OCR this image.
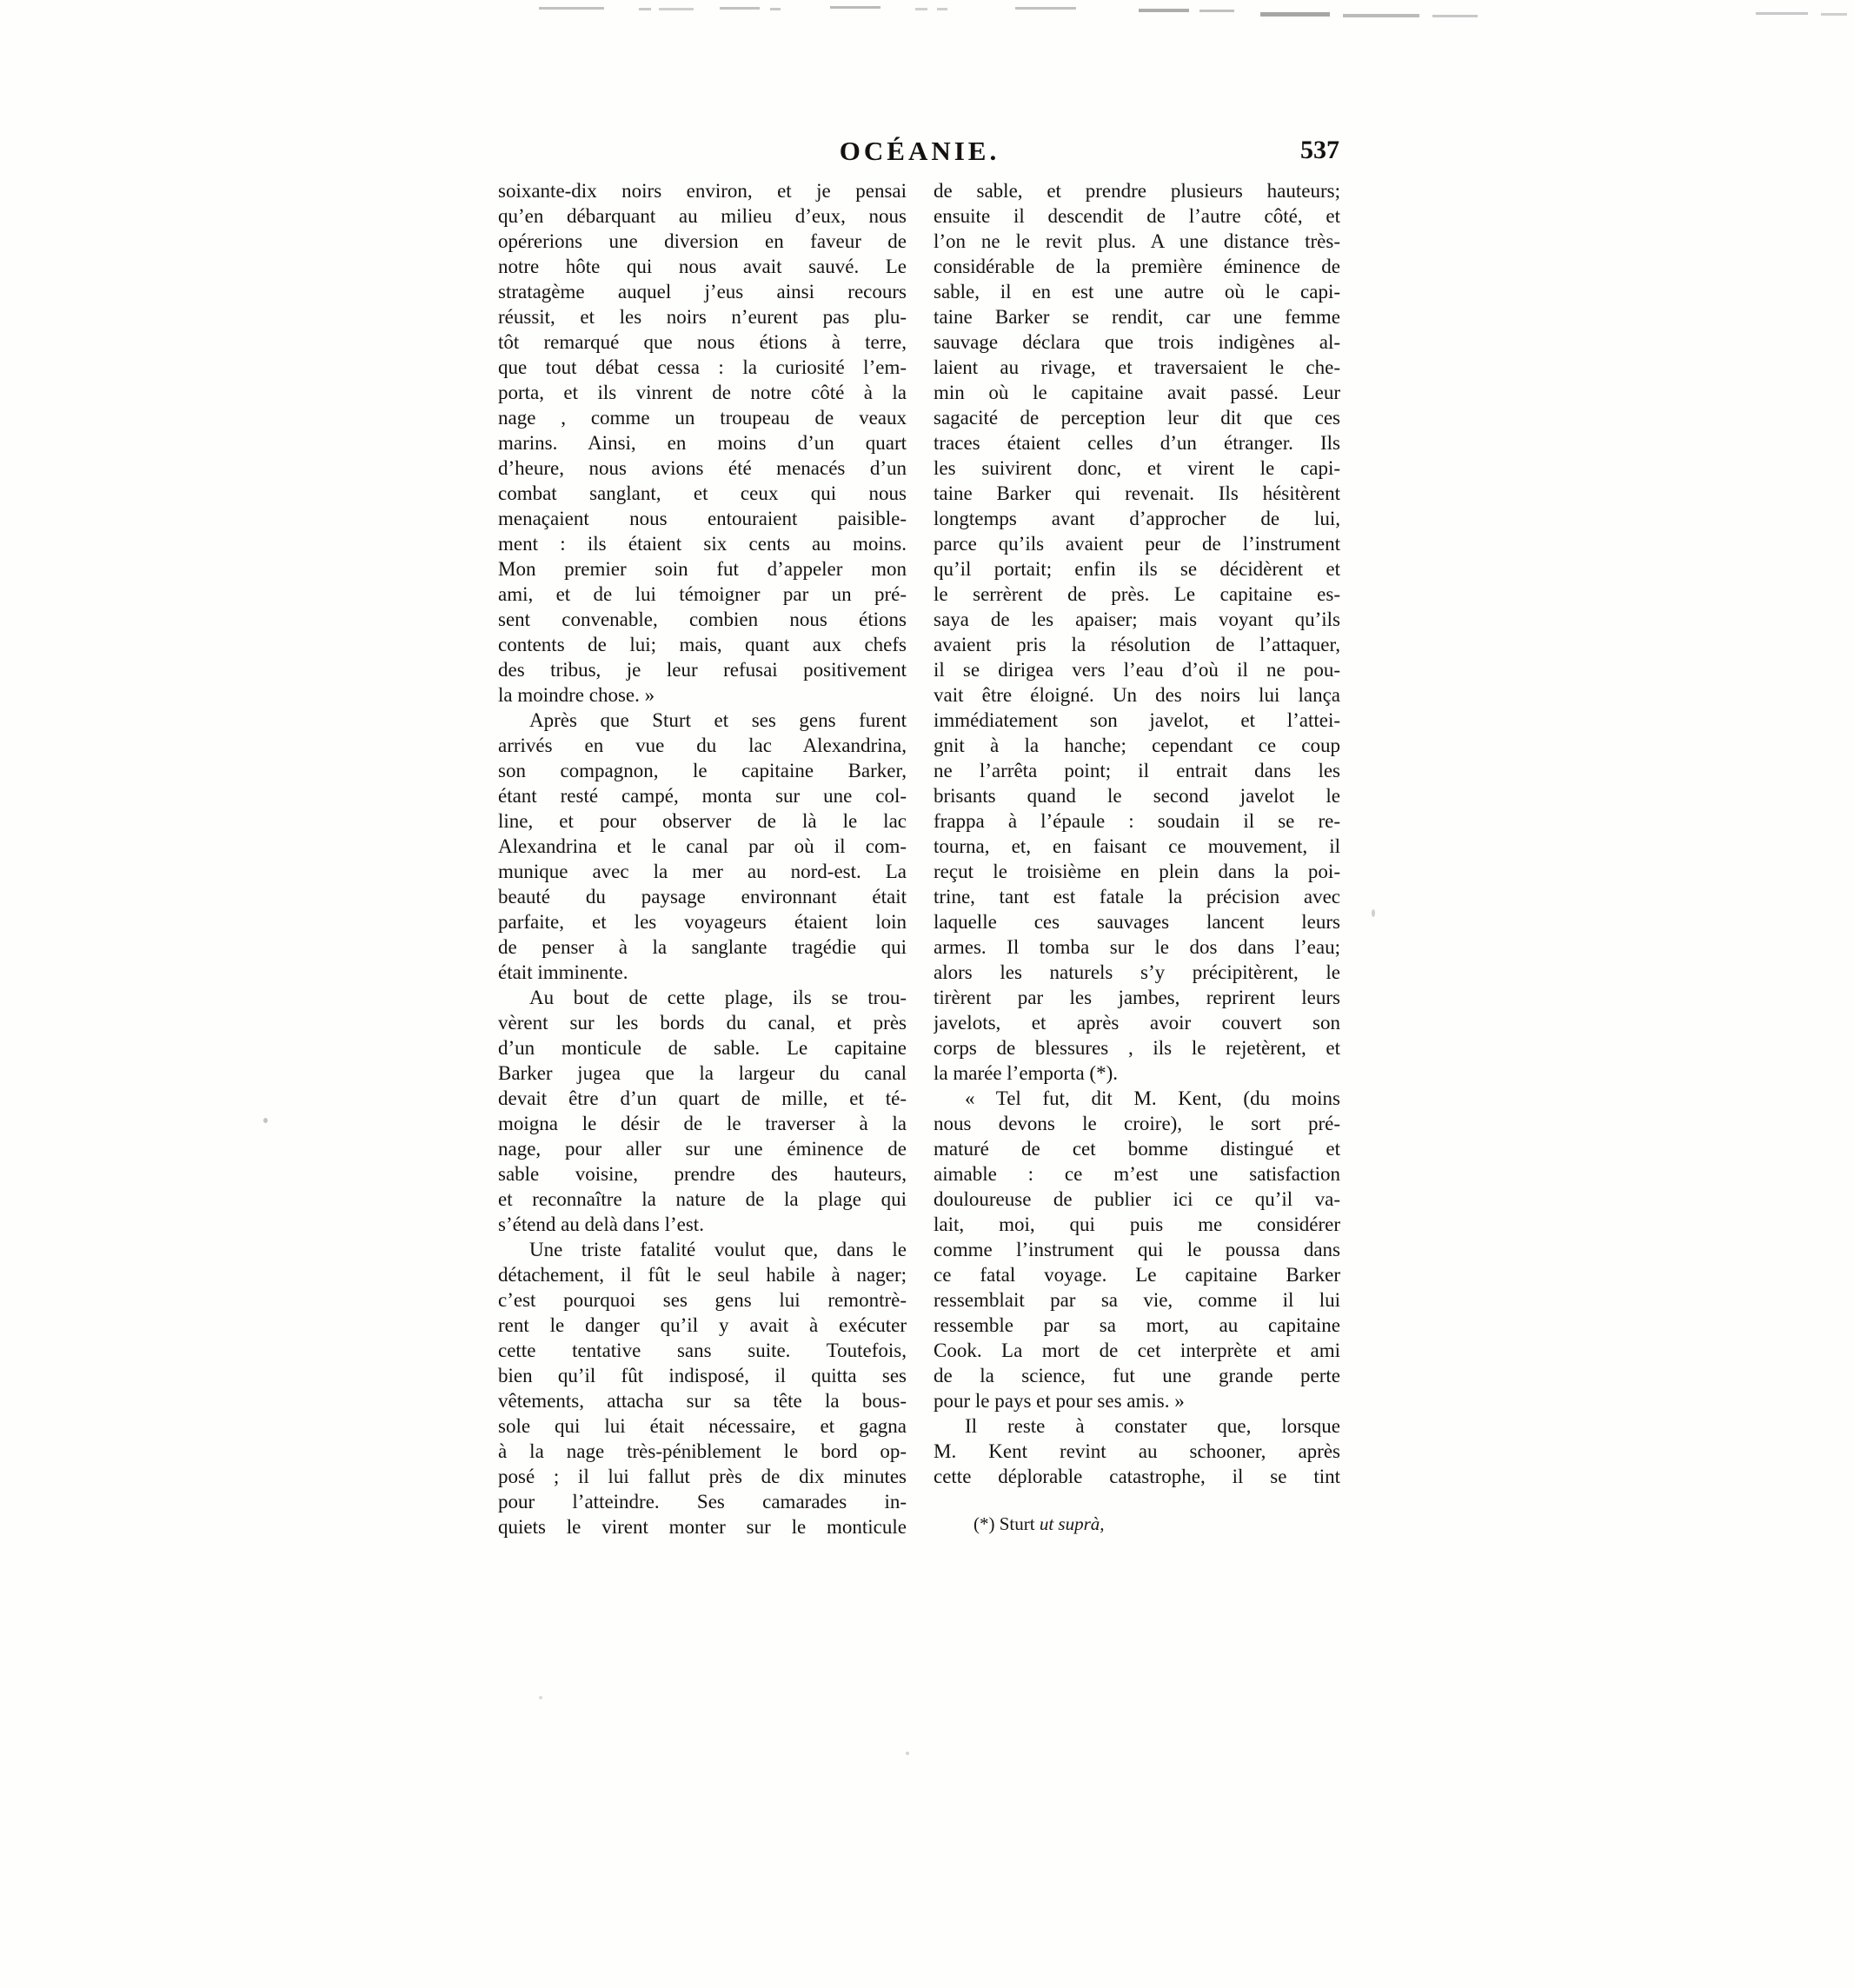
OCÉANIE.	537
soixante-dix noirs environ, et je pensai
qu’en débarquant au milieu d’eux, nous
opérerions une diversion en faveur de
notre hôte qui nous avait sauvé. Le
stratagème auquel j’eus ainsi recours
réussit, et les noirs n’eurent pas plu-
tôt remarqué que nous étions à terre,
que tout débat cessa : la curiosité l’em-
porta, et ils vinrent de notre côté à la
nage , comme un troupeau de veaux
marins. Ainsi, en moins d’un quart
d’heure, nous avions été menacés d’un
combat sanglant, et ceux qui nous
menaçaient nous entouraient paisible-
ment : ils étaient six cents au moins.
Mon premier soin fut d’appeler mon
ami, et de lui témoigner par un pré-
sent convenable, combien nous étions
contents de lui; mais, quant aux chefs
des tribus, je leur refusai positivement
la moindre chose. »
Après que Sturt et ses gens furent
arrivés en vue du lac Alexandrina,
son compagnon, le capitaine Barker,
étant resté campé, monta sur une col-
line, et pour observer de là le lac
Alexandrina et le canal par où il com-
munique avec la mer au nord-est. La
beauté du paysage environnant était
parfaite, et les voyageurs étaient loin
de penser à la sanglante tragédie qui
était imminente.
Au bout de cette plage, ils se trou-
vèrent sur les bords du canal, et près
d’un monticule de sable. Le capitaine
Barker jugea que la largeur du canal
devait être d’un quart de mille, et té-
moigna le désir de le traverser à la
nage, pour aller sur une éminence de
sable voisine, prendre des hauteurs,
et reconnaître la nature de la plage qui
s’étend au delà dans l’est.
Une triste fatalité voulut que, dans le
détachement, il fût le seul habile à nager;
c’est pourquoi ses gens lui remontrè-
rent le danger qu’il y avait à exécuter
cette tentative sans suite. Toutefois,
bien qu’il fût indisposé, il quitta ses
vêtements, attacha sur sa tête la bous-
sole qui lui était nécessaire, et gagna
à la nage très-péniblement le bord op-
posé ; il lui fallut près de dix minutes
pour l’atteindre. Ses camarades in-
quiets le virent monter sur le monticule
de sable, et prendre plusieurs hauteurs;
ensuite il descendit de l’autre côté, et
l’on ne le revit plus. A une distance très-
considérable de la première éminence de
sable, il en est une autre où le capi-
taine Barker se rendit, car une femme
sauvage déclara que trois indigènes al-
laient au rivage, et traversaient le che-
min où le capitaine avait passé. Leur
sagacité de perception leur dit que ces
traces étaient celles d’un étranger. Ils
les suivirent donc, et virent le capi-
taine Barker qui revenait. Ils hésitèrent
longtemps avant d’approcher de lui,
parce qu’ils avaient peur de l’instrument
qu’il portait; enfin ils se décidèrent et
le serrèrent de près. Le capitaine es-
saya de les apaiser; mais voyant qu’ils
avaient pris la résolution de l’attaquer,
il se dirigea vers l’eau d’où il ne pou-
vait être éloigné. Un des noirs lui lança
immédiatement son javelot, et l’attei-
gnit à la hanche; cependant ce coup
ne l’arrêta point; il entrait dans les
brisants quand le second javelot le
frappa à l’épaule : soudain il se re-
tourna, et, en faisant ce mouvement, il
reçut le troisième en plein dans la poi-
trine, tant est fatale la précision avec
laquelle ces sauvages lancent leurs
armes. Il tomba sur le dos dans l’eau;
alors les naturels s’y précipitèrent, le
tirèrent par les jambes, reprirent leurs
javelots, et après avoir couvert son
corps de blessures , ils le rejetèrent, et
la marée l’emporta (*).
« Tel fut, dit M. Kent, (du moins
nous devons le croire), le sort pré-
maturé de cet bomme distingué et
aimable : ce m’est une satisfaction
douloureuse de publier ici ce qu’il va-
lait, moi, qui puis me considérer
comme l’instrument qui le poussa dans
ce fatal voyage. Le capitaine Barker
ressemblait par sa vie, comme il lui
ressemble par sa mort, au capitaine
Cook. La mort de cet interprète et ami
de la science, fut une grande perte
pour le pays et pour ses amis. »
Il reste à constater que, lorsque
M. Kent revint au schooner, après
cette déplorable catastrophe, il se tint
(*) Sturt ut suprà,
